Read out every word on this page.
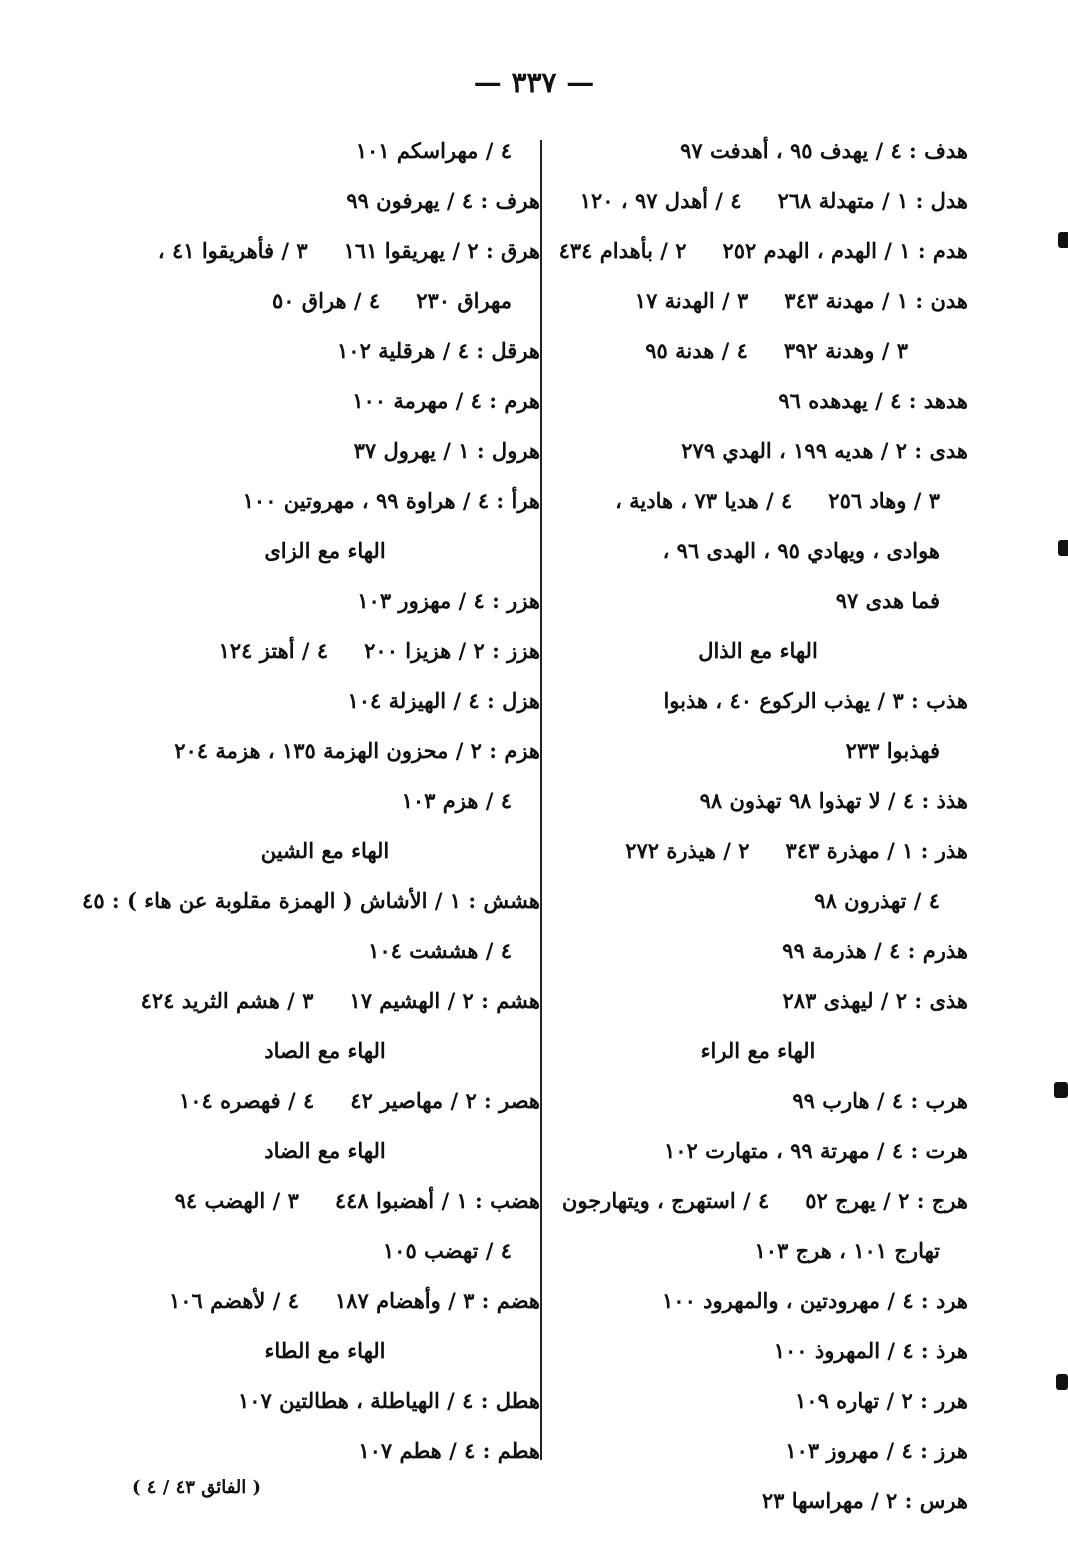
— ٣٣٧ —
هدف : ٤ / يهدف ٩٥ ، أهدفت ٩٧
هدل : ١ / متهدلة ٢٦٨٤ / أهدل ٩٧ ، ١٢٠
هدم : ١ / الهدم ، الهدم ٢٥٢٢ / بأهدام ٤٣٤
هدن : ١ / مهدنة ٣٤٣٣ / الهدنة ١٧
٣ / وهدنة ٣٩٢٤ / هدنة ٩٥
هدهد : ٤ / يهدهده ٩٦
هدى : ٢ / هديه ١٩٩ ، الهدي ٢٧٩
٣ / وهاد ٢٥٦٤ / هديا ٧٣ ، هادية ،
هوادى ، ويهادي ٩٥ ، الهدى ٩٦ ،
فما هدى ٩٧
الهاء مع الذال
هذب : ٣ / يهذب الركوع ٤٠ ، هذبوا
فهذبوا ٢٣٣
هذذ : ٤ / لا تهذوا ٩٨ تهذون ٩٨
هذر : ١ / مهذرة ٣٤٣٢ / هيذرة ٢٧٢
٤ / تهذرون ٩٨
هذرم : ٤ / هذرمة ٩٩
هذى : ٢ / ليهذى ٢٨٣
الهاء مع الراء
هرب : ٤ / هارب ٩٩
هرت : ٤ / مهرتة ٩٩ ، متهارت ١٠٢
هرج : ٢ / يهرج ٥٢٤ / استهرج ، ويتهارجون
تهارج ١٠١ ، هرج ١٠٣
هرد : ٤ / مهرودتين ، والمهرود ١٠٠
هرذ : ٤ / المهروذ ١٠٠
هرر : ٢ / تهاره ١٠٩
هرز : ٤ / مهروز ١٠٣
هرس : ٢ / مهراسها ٢٣
٤ / مهراسكم ١٠١
هرف : ٤ / يهرفون ٩٩
هرق : ٢ / يهريقوا ١٦١٣ / فأهريقوا ٤١ ،
مهراق ٢٣٠٤ / هراق ٥٠
هرقل : ٤ / هرقلية ١٠٢
هرم : ٤ / مهرمة ١٠٠
هرول : ١ / يهرول ٣٧
هرأ : ٤ / هراوة ٩٩ ، مهروتين ١٠٠
الهاء مع الزاى
هزر : ٤ / مهزور ١٠٣
هزز : ٢ / هزيزا ٢٠٠٤ / أهتز ١٢٤
هزل : ٤ / الهيزلة ١٠٤
هزم : ٢ / محزون الهزمة ١٣٥ ، هزمة ٢٠٤
٤ / هزم ١٠٣
الهاء مع الشين
هشش : ١ / الأشاش ( الهمزة مقلوبة عن هاء ) : ٤٥
٤ / هششت ١٠٤
هشم : ٢ / الهشيم ١٧٣ / هشم الثريد ٤٢٤
الهاء مع الصاد
هصر : ٢ / مهاصير ٤٢٤ / فهصره ١٠٤
الهاء مع الضاد
هضب : ١ / أهضبوا ٤٤٨٣ / الهضب ٩٤
٤ / تهضب ١٠٥
هضم : ٣ / وأهضام ١٨٧٤ / لأهضم ١٠٦
الهاء مع الطاء
هطل : ٤ / الهياطلة ، هطالتين ١٠٧
هطم : ٤ / هطم ١٠٧
( الفائق ٤٣ / ٤ )
